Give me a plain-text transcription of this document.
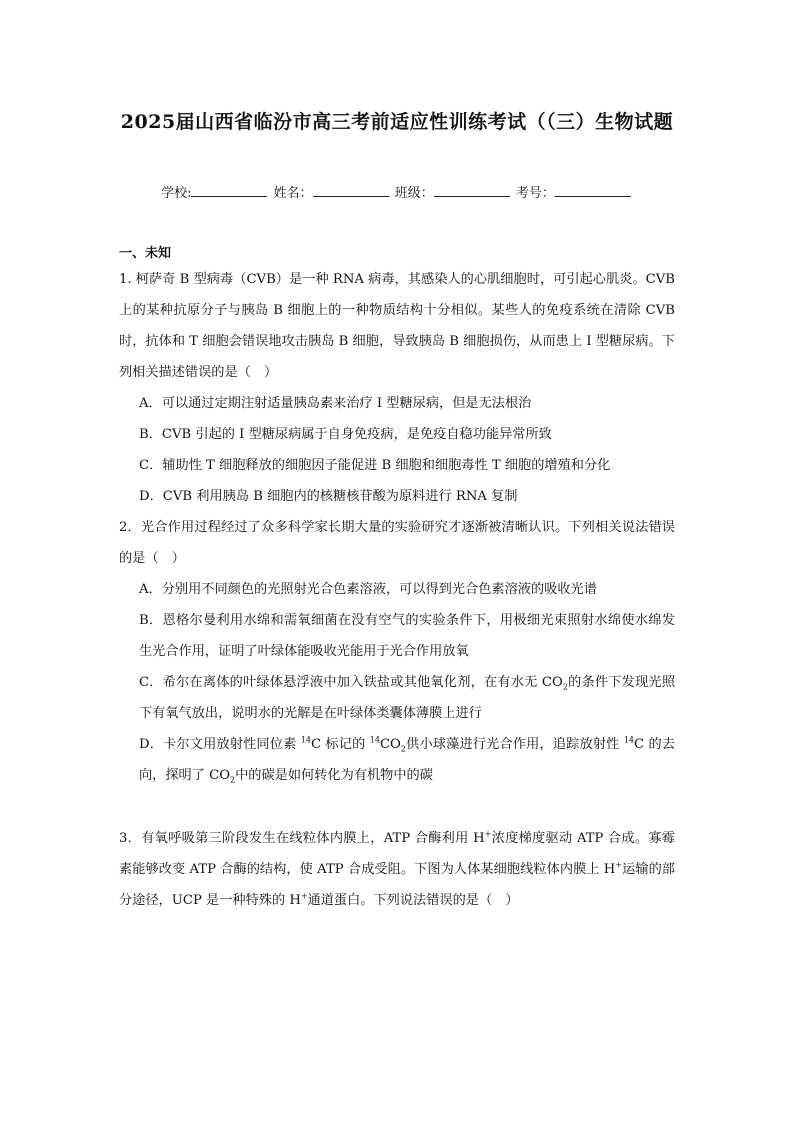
2025届山西省临汾市高三考前适应性训练考试（（三）生物试题
学校:	姓名：	班级：	考号：
一、未知

1. 柯萨奇 B 型病毒（CVB）是一种 RNA 病毒，其感染人的心肌细胞时，可引起心肌炎。CVB 上的某种抗原分子与胰岛 B 细胞上的一种物质结构十分相似。某些人的免疫系统在清除 CVB 时，抗体和 T 细胞会错误地攻击胰岛 B 细胞，导致胰岛 B 细胞损伤，从而患上 I 型糖尿病。下列相关描述错误的是（　）

A．可以通过定期注射适量胰岛素来治疗 I 型糖尿病，但是无法根治

B．CVB 引起的 I 型糖尿病属于自身免疫病，是免疫自稳功能异常所致

C．辅助性 T 细胞释放的细胞因子能促进 B 细胞和细胞毒性 T 细胞的增殖和分化

D．CVB 利用胰岛 B 细胞内的核糖核苷酸为原料进行 RNA 复制

2．光合作用过程经过了众多科学家长期大量的实验研究才逐渐被清晰认识。下列相关说法错误的是（　）

A．分别用不同颜色的光照射光合色素溶液，可以得到光合色素溶液的吸收光谱

B．恩格尔曼利用水绵和需氧细菌在没有空气的实验条件下，用极细光束照射水绵使水绵发生光合作用，证明了叶绿体能吸收光能用于光合作用放氧

C．希尔在离体的叶绿体悬浮液中加入铁盐或其他氧化剂，在有水无 $CO_2$的条件下发现光照下有氧气放出，说明水的光解是在叶绿体类囊体薄膜上进行

D．卡尔文用放射性同位素 $^{14}$C 标记的 $^{14}CO_2$供小球藻进行光合作用，追踪放射性 $^{14}$C 的去向，探明了 $CO_2$中的碳是如何转化为有机物中的碳

3．有氧呼吸第三阶段发生在线粒体内膜上，ATP 合酶利用 H+浓度梯度驱动 ATP 合成。寡霉素能够改变 ATP 合酶的结构，使 ATP 合成受阻。下图为人体某细胞线粒体内膜上 H+运输的部分途径，UCP 是一种特殊的 H+通道蛋白。下列说法错误的是（　）
